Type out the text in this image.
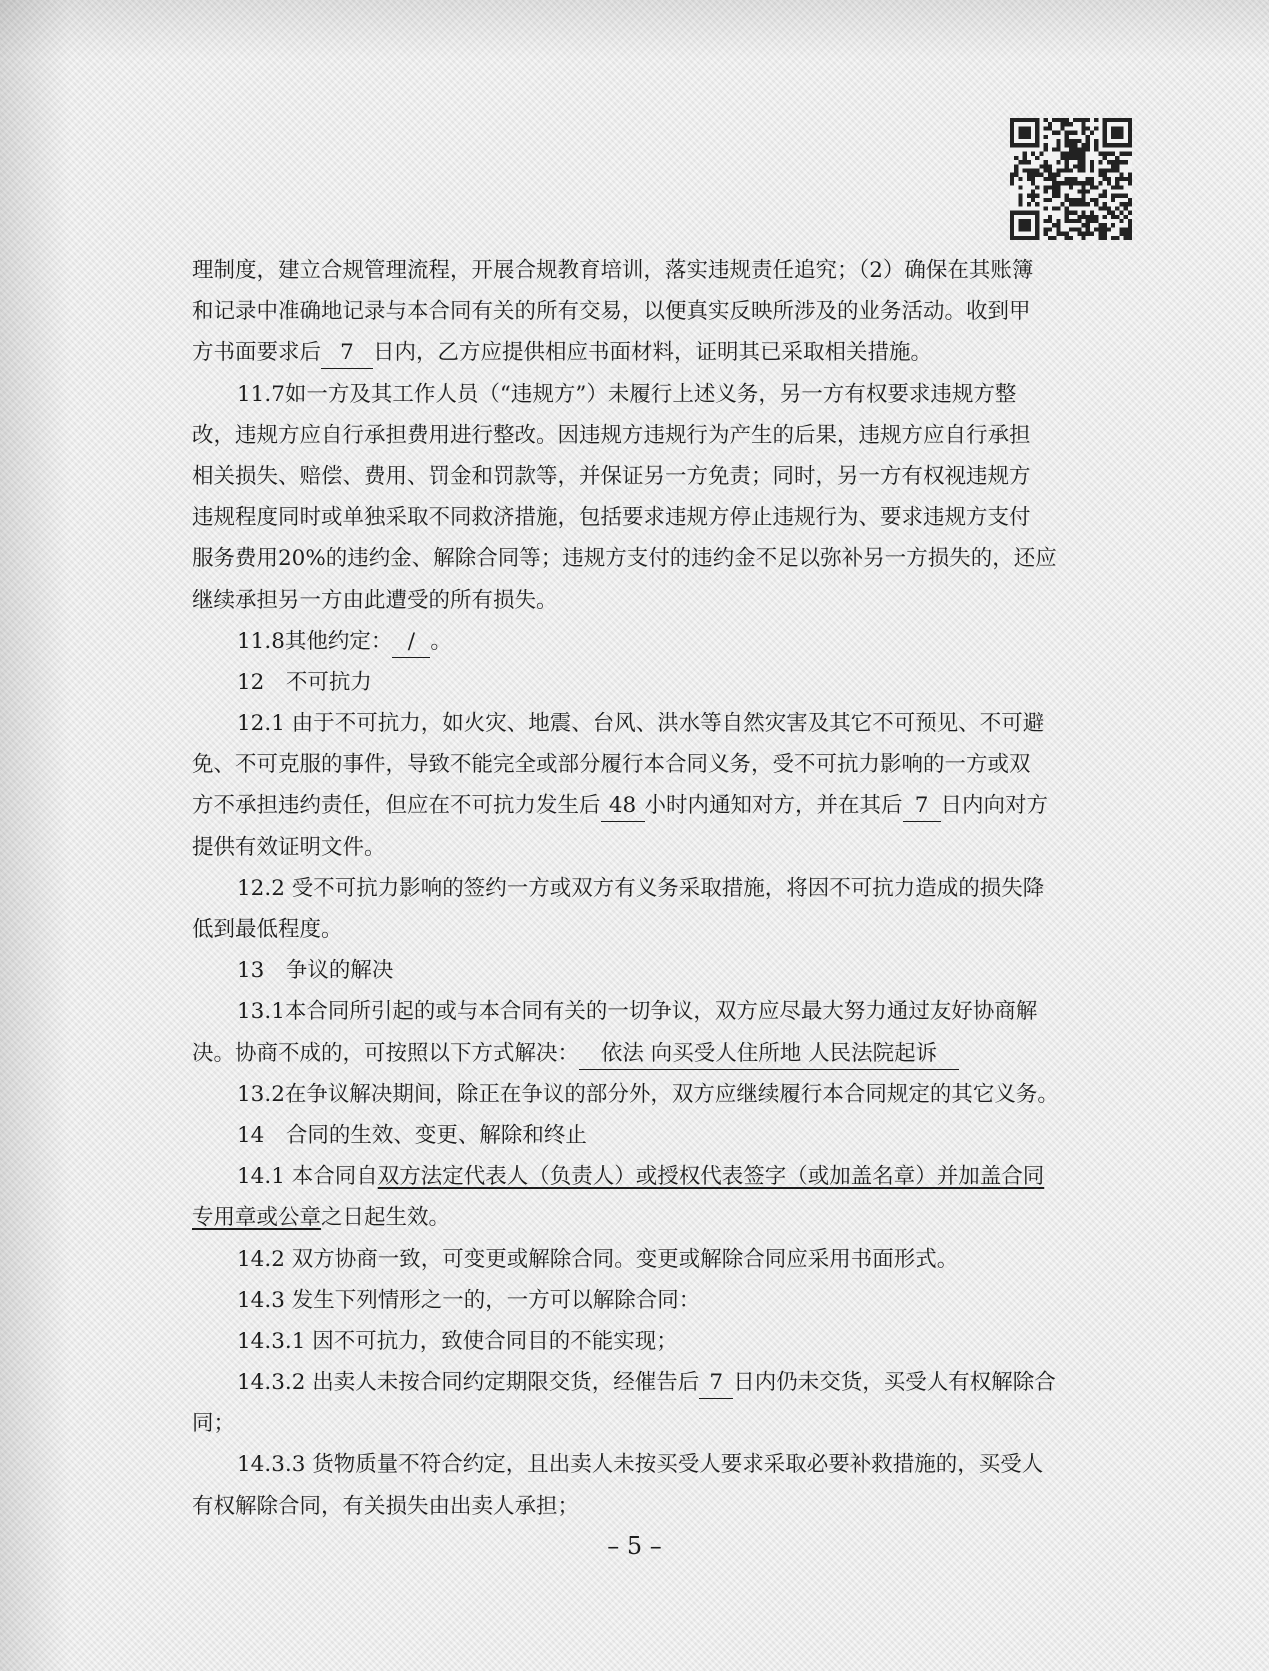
理制度，建立合规管理流程，开展合规教育培训，落实违规责任追究；（2）确保在其账簿
和记录中准确地记录与本合同有关的所有交易，以便真实反映所涉及的业务活动。收到甲
方书面要求后 7 日内，乙方应提供相应书面材料，证明其已采取相关措施。
11.7如一方及其工作人员（“违规方”）未履行上述义务，另一方有权要求违规方整
改，违规方应自行承担费用进行整改。因违规方违规行为产生的后果，违规方应自行承担
相关损失、赔偿、费用、罚金和罚款等，并保证另一方免责；同时，另一方有权视违规方
违规程度同时或单独采取不同救济措施，包括要求违规方停止违规行为、要求违规方支付
服务费用20%的违约金、解除合同等；违规方支付的违约金不足以弥补另一方损失的，还应
继续承担另一方由此遭受的所有损失。
11.8其他约定： / 。
12　不可抗力
12.1 由于不可抗力，如火灾、地震、台风、洪水等自然灾害及其它不可预见、不可避
免、不可克服的事件，导致不能完全或部分履行本合同义务，受不可抗力影响的一方或双
方不承担违约责任，但应在不可抗力发生后 48 小时内通知对方，并在其后 7 日内向对方
提供有效证明文件。
12.2 受不可抗力影响的签约一方或双方有义务采取措施，将因不可抗力造成的损失降
低到最低程度。
13　争议的解决
13.1本合同所引起的或与本合同有关的一切争议，双方应尽最大努力通过友好协商解
决。协商不成的，可按照以下方式解决： 依法 向买受人住所地 人民法院起诉
13.2在争议解决期间，除正在争议的部分外，双方应继续履行本合同规定的其它义务。
14　合同的生效、变更、解除和终止
14.1 本合同自双方法定代表人（负责人）或授权代表签字（或加盖名章）并加盖合同
专用章或公章之日起生效。
14.2 双方协商一致，可变更或解除合同。变更或解除合同应采用书面形式。
14.3 发生下列情形之一的，一方可以解除合同：
14.3.1 因不可抗力，致使合同目的不能实现；
14.3.2 出卖人未按合同约定期限交货，经催告后 7 日内仍未交货，买受人有权解除合
同；
14.3.3 货物质量不符合约定，且出卖人未按买受人要求采取必要补救措施的，买受人
有权解除合同，有关损失由出卖人承担；
– 5 –
